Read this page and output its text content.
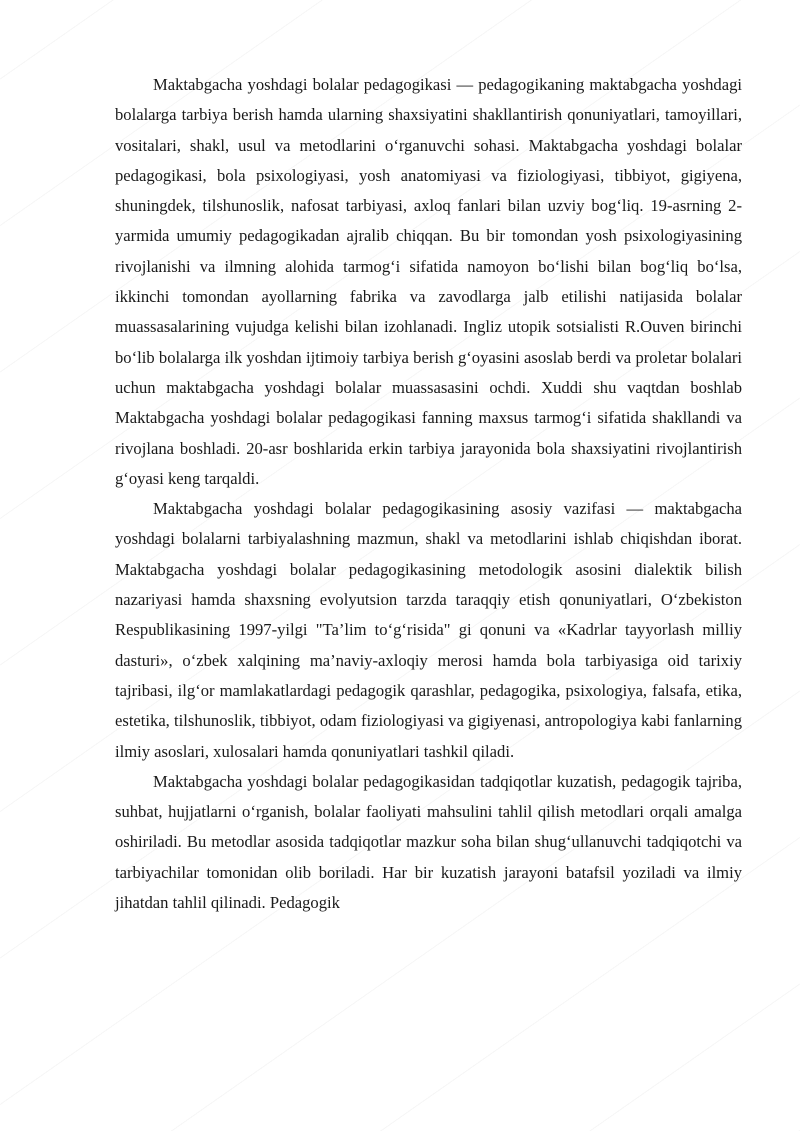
Maktabgacha yoshdagi bolalar pedagogikasi — pedagogikaning maktabgacha yoshdagi bolalarga tarbiya berish hamda ularning shaxsiyatini shakllantirish qonuniyatlari, tamoyillari, vositalari, shakl, usul va metodlarini o‘rganuvchi sohasi. Maktabgacha yoshdagi bolalar pedagogikasi, bola psixologiyasi, yosh anatomiyasi va fiziologiyasi, tibbiyot, gigiyena, shuningdek, tilshunoslik, nafosat tarbiyasi, axloq fanlari bilan uzviy bog‘liq. 19-asrning 2-yarmida umumiy pedagogikadan ajralib chiqqan. Bu bir tomondan yosh psixologiyasining rivojlanishi va ilmning alohida tarmog‘i sifatida namoyon bo‘lishi bilan bog‘liq bo‘lsa, ikkinchi tomondan ayollarning fabrika va zavodlarga jalb etilishi natijasida bolalar muassasalarining vujudga kelishi bilan izohlanadi. Ingliz utopik sotsialisti R.Ouven birinchi bo‘lib bolalarga ilk yoshdan ijtimoiy tarbiya berish g‘oyasini asoslab berdi va proletar bolalari uchun maktabgacha yoshdagi bolalar muassasasini ochdi. Xuddi shu vaqtdan boshlab Maktabgacha yoshdagi bolalar pedagogikasi fanning maxsus tarmog‘i sifatida shakllandi va rivojlana boshladi. 20-asr boshlarida erkin tarbiya jarayonida bola shaxsiyatini rivojlantirish g‘oyasi keng tarqaldi.

Maktabgacha yoshdagi bolalar pedagogikasining asosiy vazifasi — maktabgacha yoshdagi bolalarni tarbiyalashning mazmun, shakl va metodlarini ishlab chiqishdan iborat. Maktabgacha yoshdagi bolalar pedagogikasining metodologik asosini dialektik bilish nazariyasi hamda shaxsning evolyutsion tarzda taraqqiy etish qonuniyatlari, O‘zbekiston Respublikasining 1997-yilgi "Ta’lim to‘g‘risida" gi qonuni va «Kadrlar tayyorlash milliy dasturi», o‘zbek xalqining ma’naviy-axloqiy merosi hamda bola tarbiyasiga oid tarixiy tajribasi, ilg‘or mamlakatlardagi pedagogik qarashlar, pedagogika, psixologiya, falsafa, etika, estetika, tilshunoslik, tibbiyot, odam fiziologiyasi va gigiyenasi, antropologiya kabi fanlarning ilmiy asoslari, xulosalari hamda qonuniyatlari tashkil qiladi.

Maktabgacha yoshdagi bolalar pedagogikasidan tadqiqotlar kuzatish, pedagogik tajriba, suhbat, hujjatlarni o‘rganish, bolalar faoliyati mahsulini tahlil qilish metodlari orqali amalga oshiriladi. Bu metodlar asosida tadqiqotlar mazkur soha bilan shug‘ullanuvchi tadqiqotchi va tarbiyachilar tomonidan olib boriladi. Har bir kuzatish jarayoni batafsil yoziladi va ilmiy jihatdan tahlil qilinadi. Pedagogik
